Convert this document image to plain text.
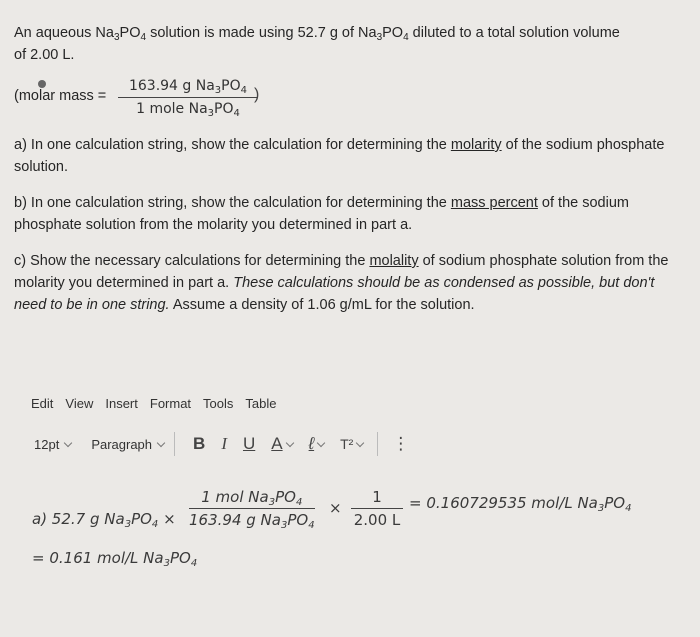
An aqueous $Na_3PO_4$ solution is made using 52.7 g of $Na_3PO_4$ diluted to a total solution volume
of 2.00 L.
(molar mass =
163.94 g $Na_3PO_4$
1 mole $Na_3PO_4$
)
a) In one calculation string, show the calculation for determining the molarity of the sodium phosphate solution.
b) In one calculation string, show the calculation for determining the mass percent of the sodium phosphate solution from the molarity you determined in part a.
c) Show the necessary calculations for determining the molality of sodium phosphate solution from the molarity you determined in part a. These calculations should be as condensed as possible, but don't need to be in one string. Assume a density of 1.06 g/mL for the solution.
Edit View Insert Format Tools Table
12pt Paragraph	B I U A ℓ T²	⋮
a) 52.7 g $Na_3PO_4$ ×
1 mol $Na_3PO_4$
163.94 g $Na_3PO_4$
×
1
2.00 L
= 0.160729535 mol/L $Na_3PO_4$
= 0.161 mol/L $Na_3PO_4$
